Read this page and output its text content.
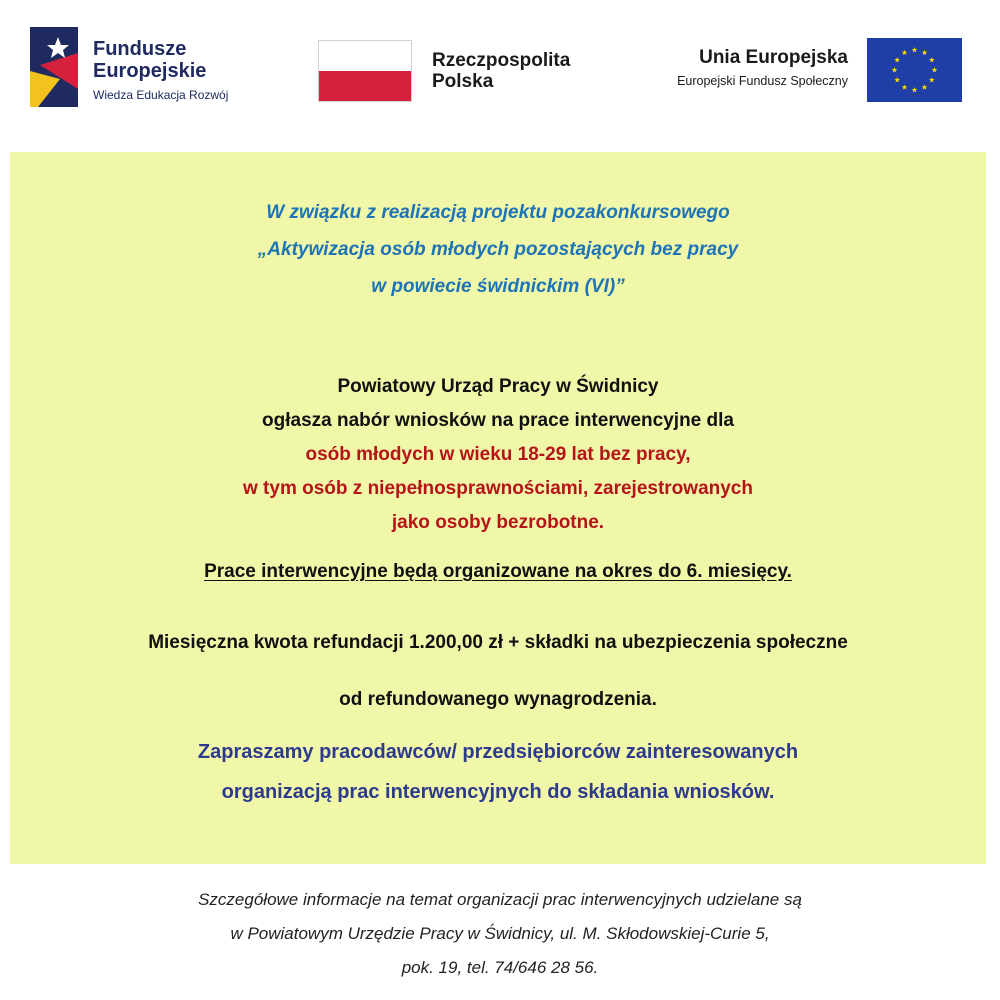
Fundusze
Europejskie
Wiedza Edukacja Rozwój
Rzeczpospolita
Polska
Unia Europejska
Europejski Fundusz Społeczny
W związku z realizacją projektu pozakonkursowego
„Aktywizacja osób młodych pozostających bez pracy
w powiecie świdnickim (VI)”
Powiatowy Urząd Pracy w Świdnicy
ogłasza nabór wniosków na prace interwencyjne dla
osób młodych w wieku 18-29 lat bez pracy,
w tym osób z niepełnosprawnościami, zarejestrowanych
jako osoby bezrobotne.
Prace interwencyjne będą organizowane na okres do 6. miesięcy.
Miesięczna kwota refundacji 1.200,00 zł + składki na ubezpieczenia społeczne
od refundowanego wynagrodzenia.
Zapraszamy pracodawców/ przedsiębiorców zainteresowanych
organizacją prac interwencyjnych do składania wniosków.
Szczegółowe informacje na temat organizacji prac interwencyjnych udzielane są
w Powiatowym Urzędzie Pracy w Świdnicy, ul. M. Skłodowskiej-Curie 5,
pok. 19, tel. 74/646 28 56.
